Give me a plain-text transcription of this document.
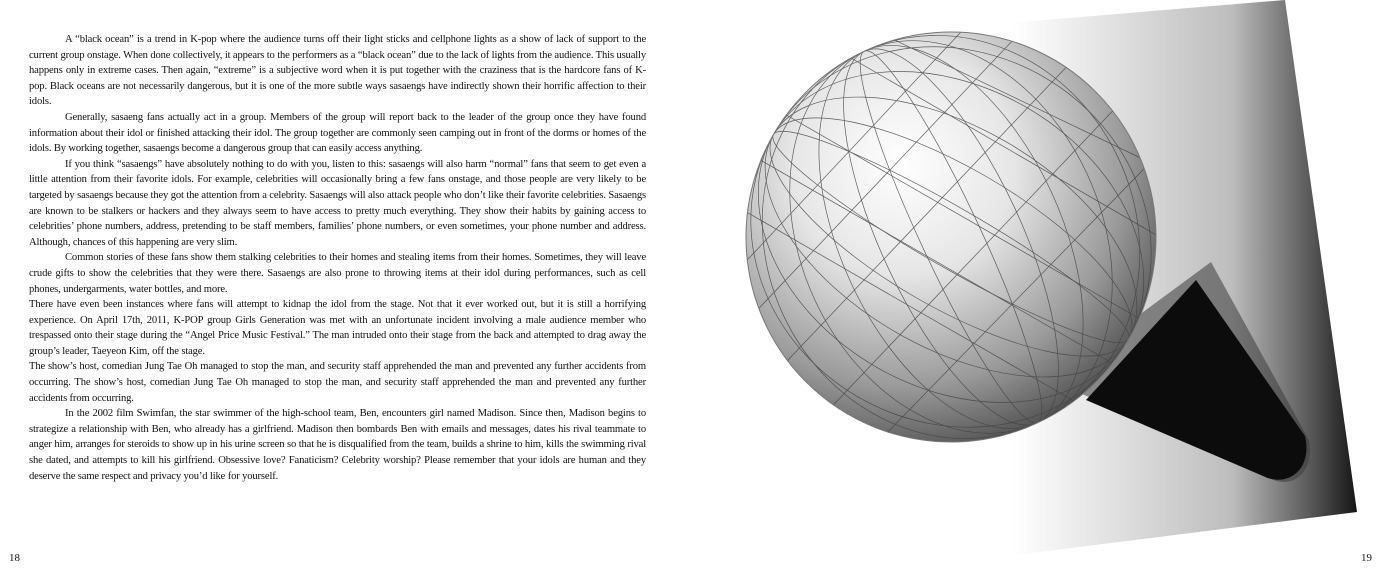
A “black ocean” is a trend in K-pop where the audience turns off their light sticks and cellphone lights as a show of lack of support to the current group onstage. When done collectively, it appears to the performers as a “black ocean” due to the lack of lights from the audience. This usually happens only in extreme cases. Then again, “extreme” is a subjective word when it is put together with the craziness that is the hardcore fans of K-pop. Black oceans are not necessarily dangerous, but it is one of the more subtle ways sasaengs have indirectly shown their horrific affection to their idols.

Generally, sasaeng fans actually act in a group. Members of the group will report back to the leader of the group once they have found information about their idol or finished attacking their idol. The group together are commonly seen camping out in front of the dorms or homes of the idols. By working together, sasaengs become a dangerous group that can easily access anything.

If you think “sasaengs” have absolutely nothing to do with you, listen to this: sasaengs will also harm “normal” fans that seem to get even a little attention from their favorite idols. For example, celebrities will occasionally bring a few fans onstage, and those people are very likely to be targeted by sasaengs because they got the attention from a celebrity. Sasaengs will also attack people who don’t like their favorite celebrities. Sasaengs are known to be stalkers or hackers and they always seem to have access to pretty much everything. They show their habits by gaining access to celebrities’ phone numbers, address, pretending to be staff members, families’ phone numbers, or even sometimes, your phone number and address. Although, chances of this happening are very slim.

Common stories of these fans show them stalking celebrities to their homes and stealing items from their homes. Sometimes, they will leave crude gifts to show the celebrities that they were there. Sasaengs are also prone to throwing items at their idol during performances, such as cell phones, undergarments, water bottles, and more.

There have even been instances where fans will attempt to kidnap the idol from the stage. Not that it ever worked out, but it is still a horrifying experience. On April 17th, 2011, K-POP group Girls Generation was met with an unfortunate incident involving a male audience member who trespassed onto their stage during the “Angel Price Music Festival.” The man intruded onto their stage from the back and attempted to drag away the group’s leader, Taeyeon Kim, off the stage.

The show’s host, comedian Jung Tae Oh managed to stop the man, and security staff apprehended the man and prevented any further accidents from occurring. The show’s host, comedian Jung Tae Oh managed to stop the man, and security staff apprehended the man and prevented any further accidents from occurring.

In the 2002 film Swimfan, the star swimmer of the high-school team, Ben, encounters girl named Madison. Since then, Madison begins to strategize a relationship with Ben, who already has a girlfriend. Madison then bombards Ben with emails and messages, dates his rival teammate to anger him, arranges for steroids to show up in his urine screen so that he is disqualified from the team, builds a shrine to him, kills the swimming rival she dated, and attempts to kill his girlfriend. Obsessive love? Fanaticism? Celebrity worship? Please remember that your idols are human and they deserve the same respect and privacy you’d like for yourself.

18	19
